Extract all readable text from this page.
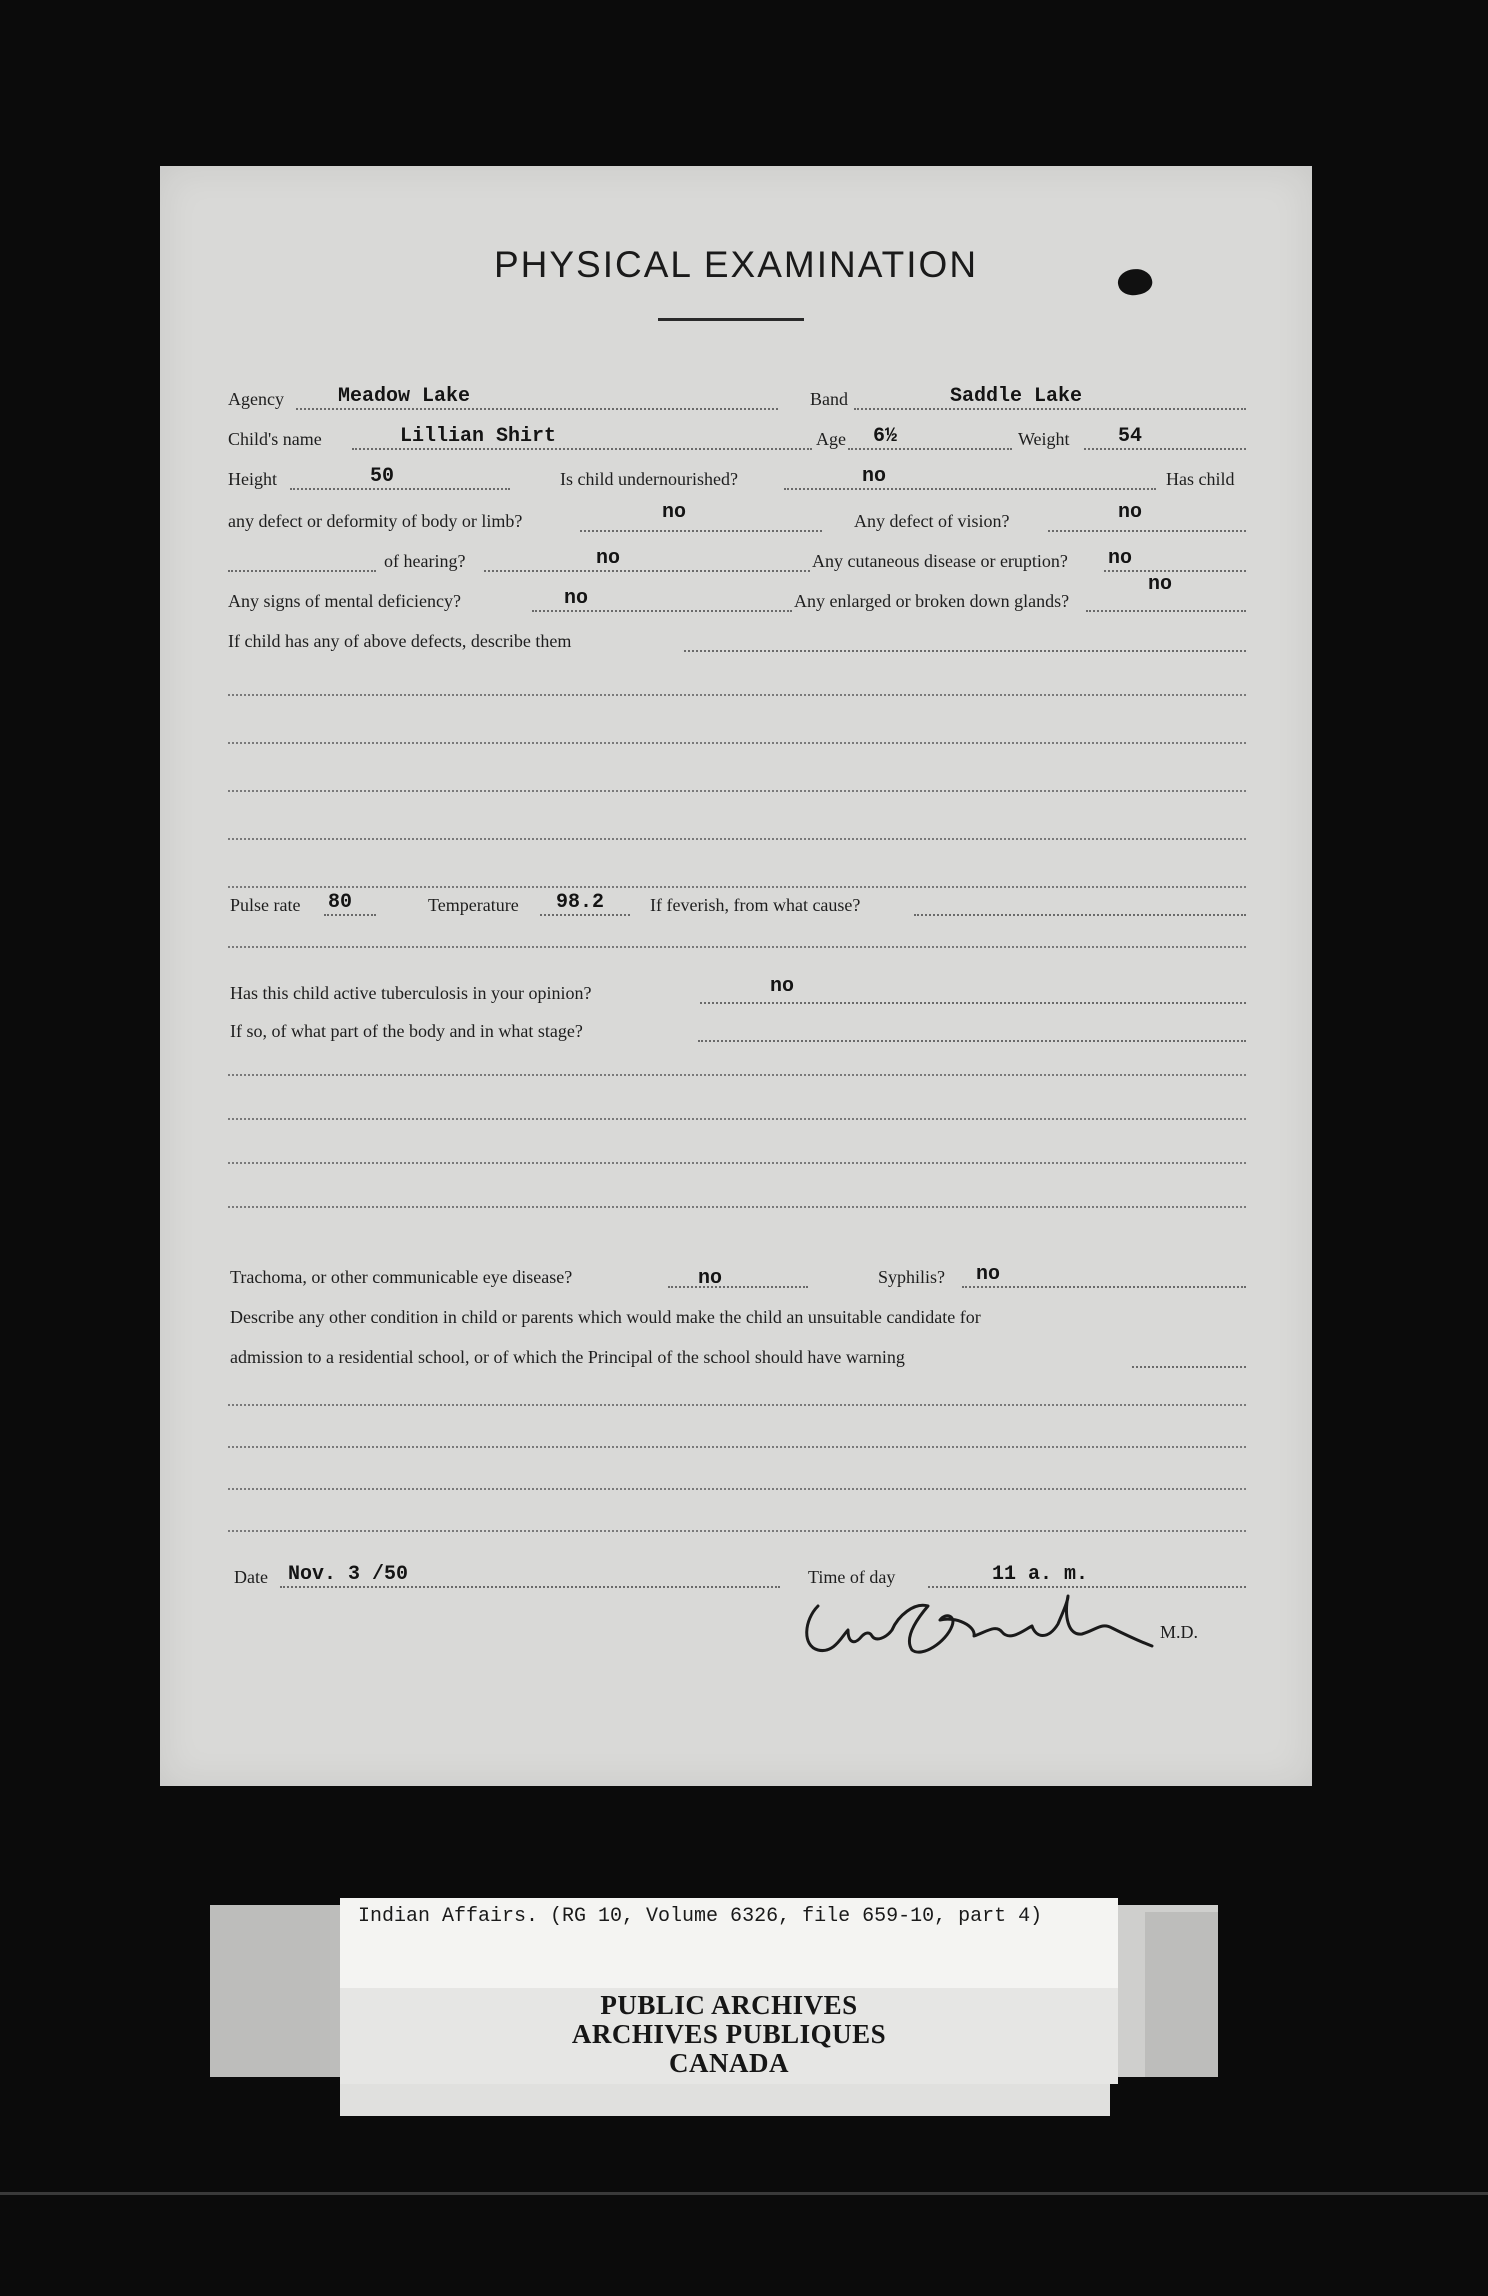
PHYSICAL EXAMINATION
Agency	Meadow Lake	Band	Saddle Lake
Child's name	Lillian Shirt	Age 6½	Weight 54
Height	50	Is child undernourished?	no	Has child
any defect or deformity of body or limb?	no	Any defect of vision?	no
of hearing?	no	Any cutaneous disease or eruption? no
Any signs of mental deficiency?	no	Any enlarged or broken down glands?
no
If child has any of above defects, describe them
Pulse rate 80	Temperature 98.2	If feverish, from what cause?
Has this child active tuberculosis in your opinion?	no
If so, of what part of the body and in what stage?
Trachoma, or other communicable eye disease?	no	Syphilis? no
Describe any other condition in child or parents which would make the child an unsuitable candidate for
admission to a residential school, or of which the Principal of the school should have warning
Date Nov. 3 /50	Time of day	11 a. m.
M.D.
Indian Affairs. (RG 10, Volume 6326, file 659-10, part 4)
PUBLIC ARCHIVES
ARCHIVES PUBLIQUES
CANADA
